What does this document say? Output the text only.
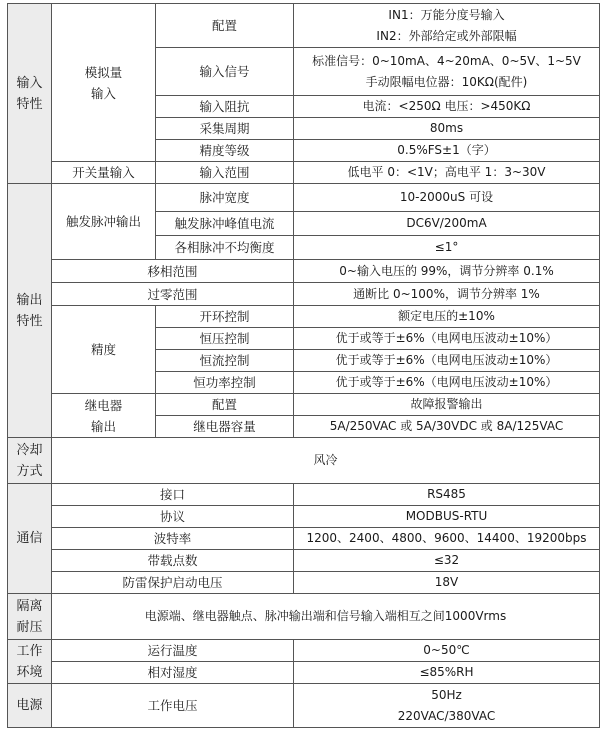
输入
特性	模拟量
输入	配置	IN1：万能分度号输入
IN2：外部给定或外部限幅

		输入信号	标准信号：0~10mA、4~20mA、0~5V、1~5V
手动限幅电位器：10KΩ(配件)

		输入阻抗	电流：<250Ω 电压：>450KΩ
		采集周期	80ms
		精度等级	0.5%FS±1（字）

	开关量输入	输入范围	低电平 0：<1V；高电平 1：3~30V

输出
特性	触发脉冲输出	脉冲宽度	10-2000uS 可设
		触发脉冲峰值电流	DC6V/200mA
		各相脉冲不均衡度	≤1°
	移相范围		0~输入电压的 99%，调节分辨率 0.1%
	过零范围		通断比 0~100%，调节分辨率 1%
	精度	开环控制	额定电压的±10%
		恒压控制	优于或等于±6%（电网电压波动±10%）
		恒流控制	优于或等于±6%（电网电压波动±10%）
		恒功率控制	优于或等于±6%（电网电压波动±10%）

	继电器
输出	配置	故障报警输出
		继电器容量	5A/250VAC 或 5A/30VDC 或 8A/125VAC

冷却
方式	风冷		
通信	接口		RS485
	协议		MODBUS-RTU
	波特率		1200、2400、4800、9600、14400、19200bps
	带载点数		≤32
	防雷保护启动电压		18V

隔离
耐压	电源端、继电器触点、脉冲输出端和信号输入端相互之间1000Vrms		

工作
环境	运行温度		0~50℃
	相对湿度		≤85%RH
电源	工作电压		50Hz
220VAC/380VAC
